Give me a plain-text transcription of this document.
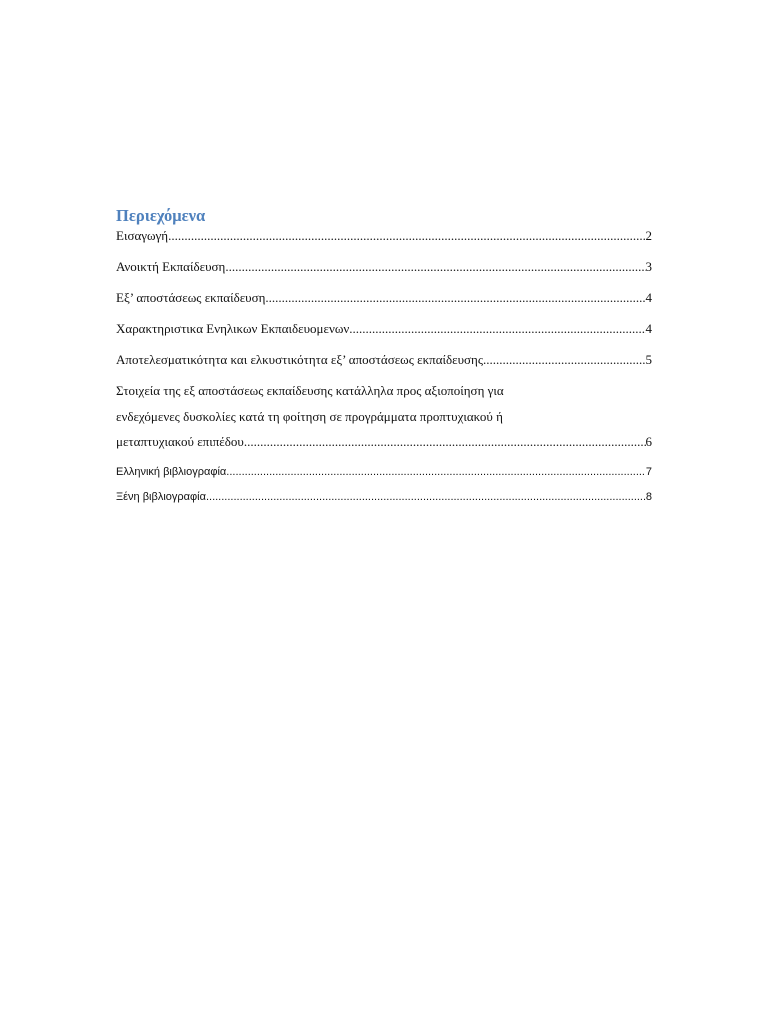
Περιεχόμενα
Εισαγωγή .....	2
Ανοικτή Εκπαίδευση .....	3
Εξ’ αποστάσεως εκπαίδευση .....	4
Χαρακτηριστικα Ενηλικων Εκπαιδευομενων .....	4
Αποτελεσματικότητα και ελκυστικότητα εξ’ αποστάσεως εκπαίδευσης .....	5
Στοιχεία της εξ αποστάσεως εκπαίδευσης κατάλληλα προς αξιοποίηση για
ενδεχόμενες δυσκολίες κατά τη φοίτηση σε προγράμματα προπτυχιακού ή
μεταπτυχιακού επιπέδου .....	6
Ελληνική βιβλιογραφία .....	7
Ξένη βιβλιογραφία .....	8
